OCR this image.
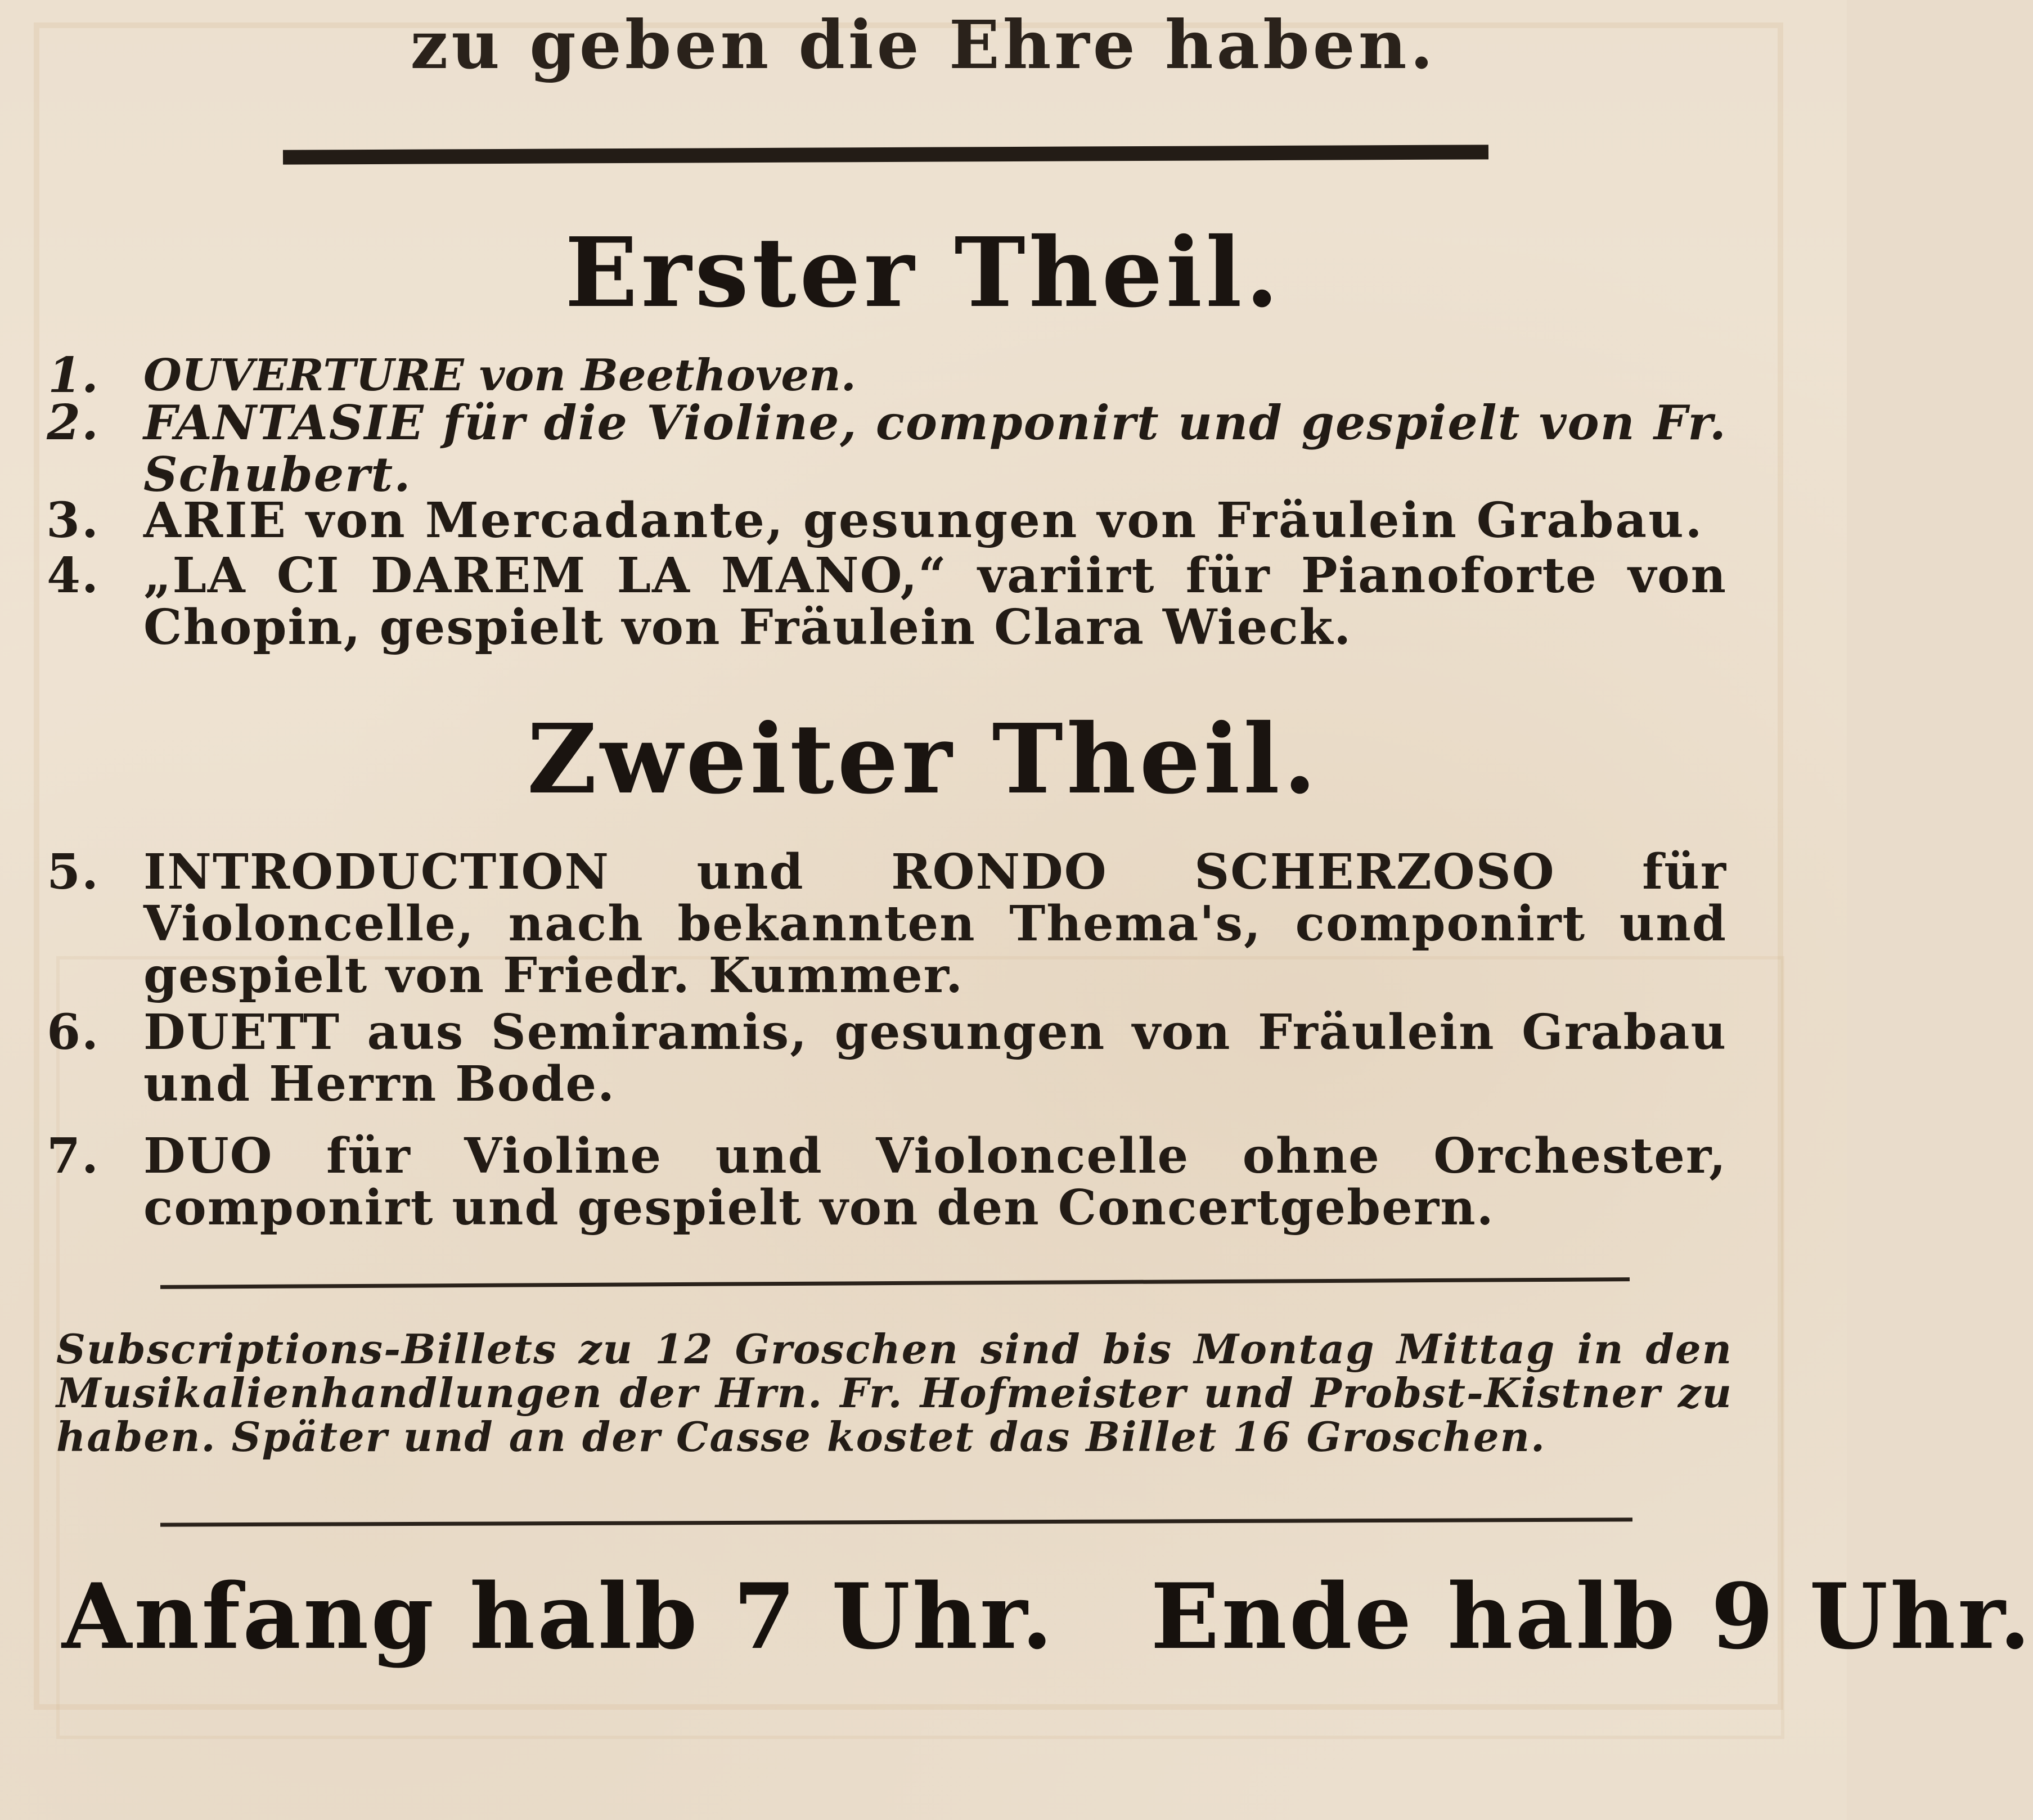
zu geben die Ehre haben.
Erster Theil.
1. OUVERTURE von Beethoven.
2. FANTASIE für die Violine, componirt und gespielt von Fr. Schubert.
3. ARIE von Mercadante, gesungen von Fräulein Grabau.
4. „LA CI DAREM LA MANO,“ variirt für Pianoforte von Chopin, gespielt von Fräulein Clara Wieck.
Zweiter Theil.
5. INTRODUCTION und RONDO SCHERZOSO für Violoncelle, nach bekannten Thema's, componirt und gespielt von Friedr. Kummer.
6. DUETT aus Semiramis, gesungen von Fräulein Grabau und Herrn Bode.
7. DUO für Violine und Violoncelle ohne Orchester, componirt und gespielt von den Concertgebern.
Subscriptions-Billets zu 12 Groschen sind bis Montag Mittag in den Musikalienhandlungen der Hrn. Fr. Hofmeister und Probst-Kistner zu haben. Später und an der Casse kostet das Billet 16 Groschen.
Anfang halb 7 Uhr. Ende halb 9 Uhr.
